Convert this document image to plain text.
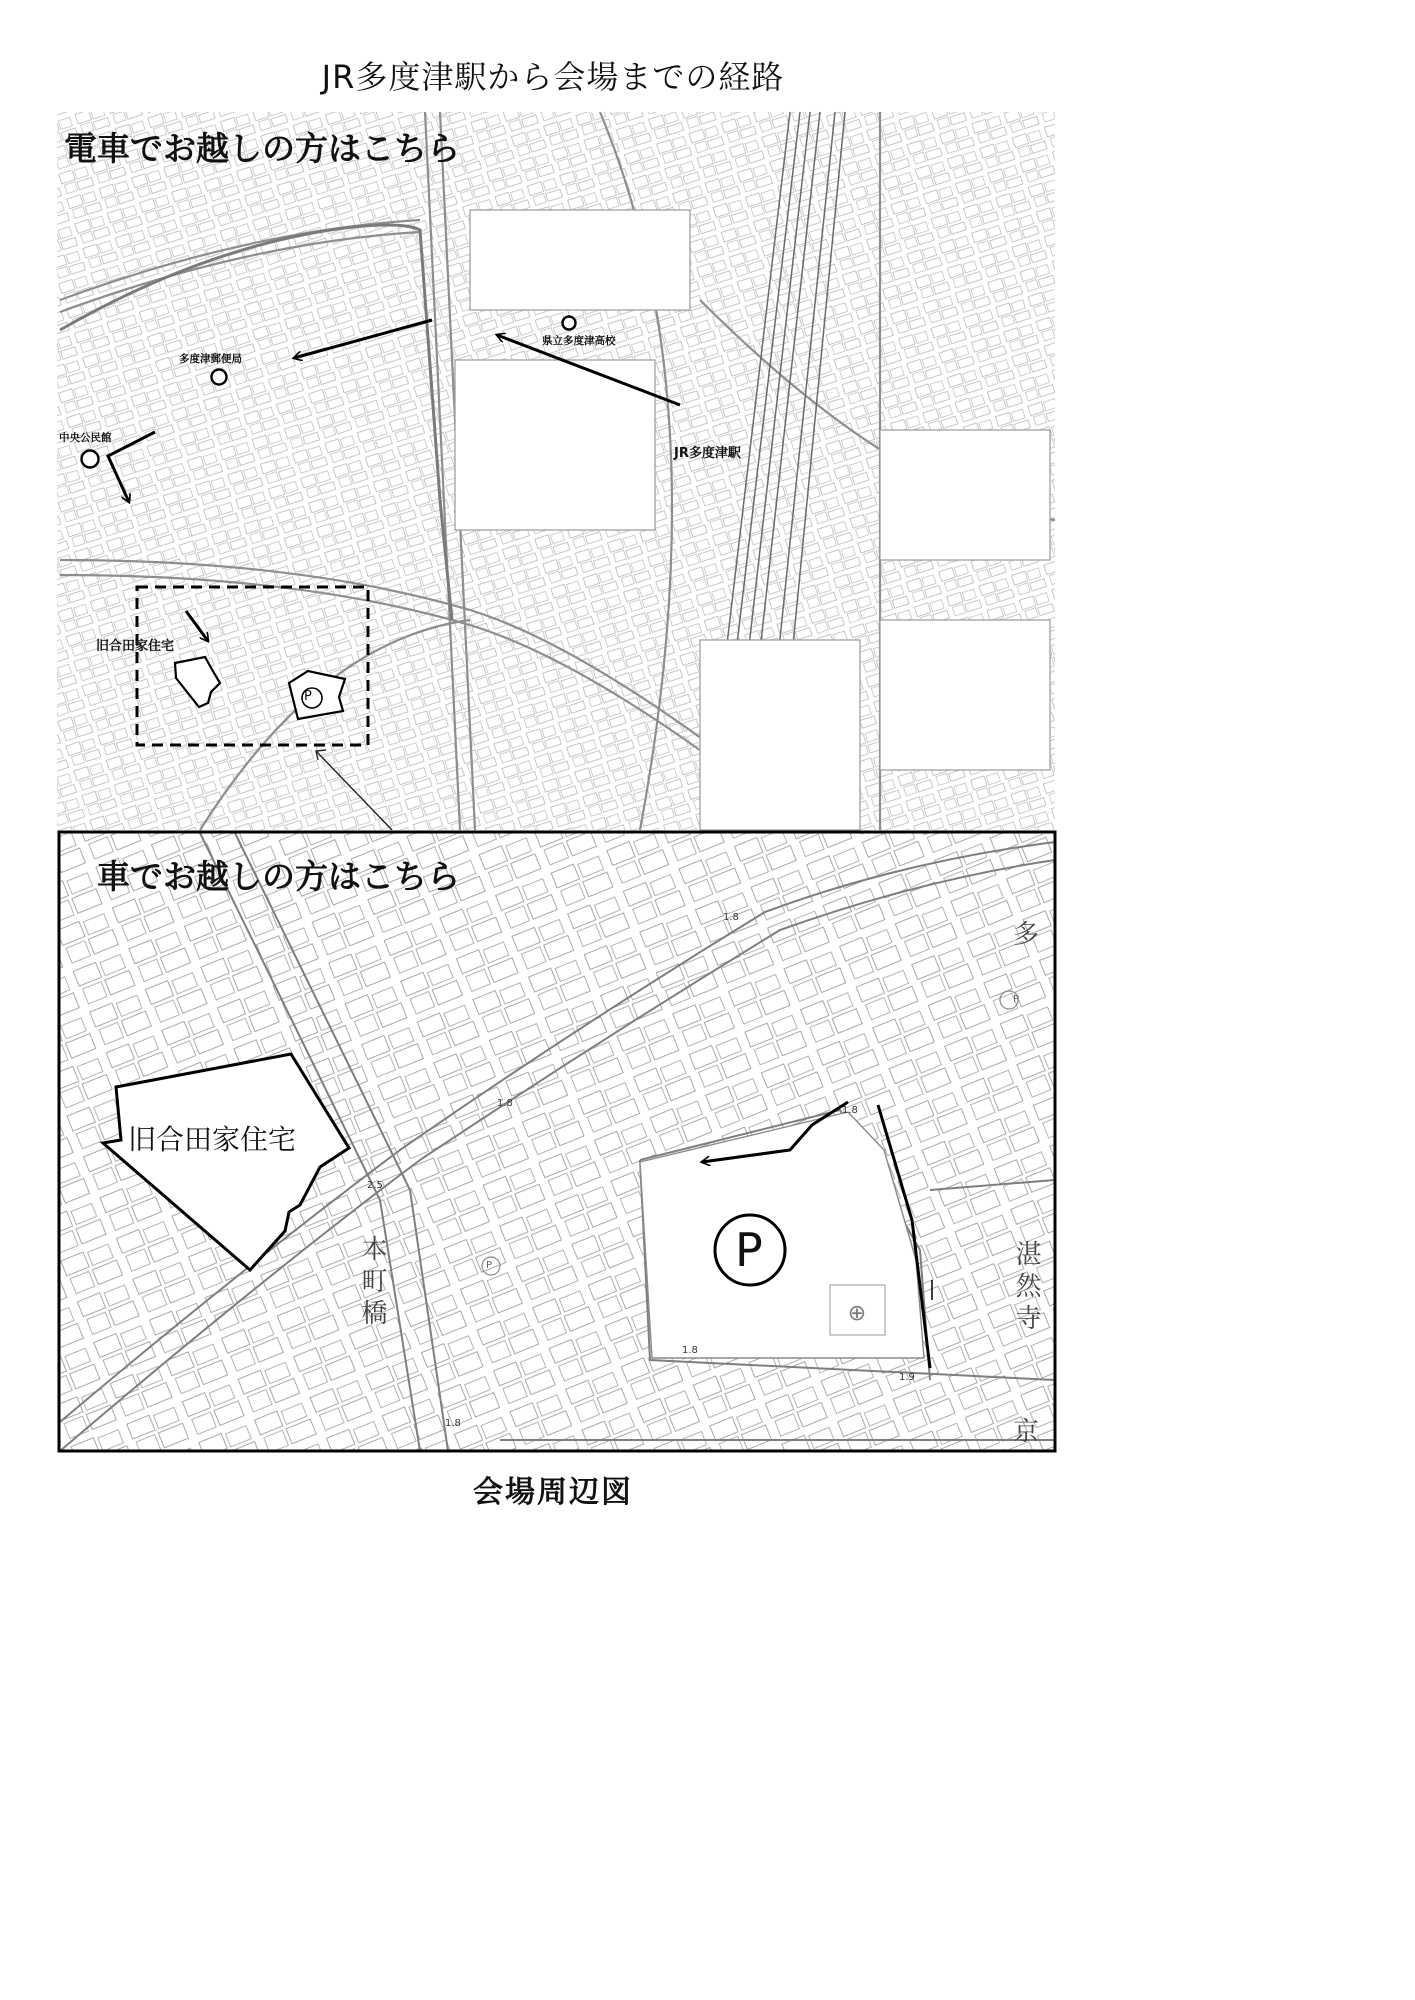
JR多度津駅から会場までの経路
⊕
電車でお越しの方はこちら
多度津郵便局
中央公民館
県立多度津高校
JR多度津駅
旧合田家住宅
P
車でお越しの方はこちら
旧合田家住宅
P
本町橋	湛然寺
多
京
P
P
1.8
1.8
2.5
1.8
1.9
1.8
1.8
会場周辺図
